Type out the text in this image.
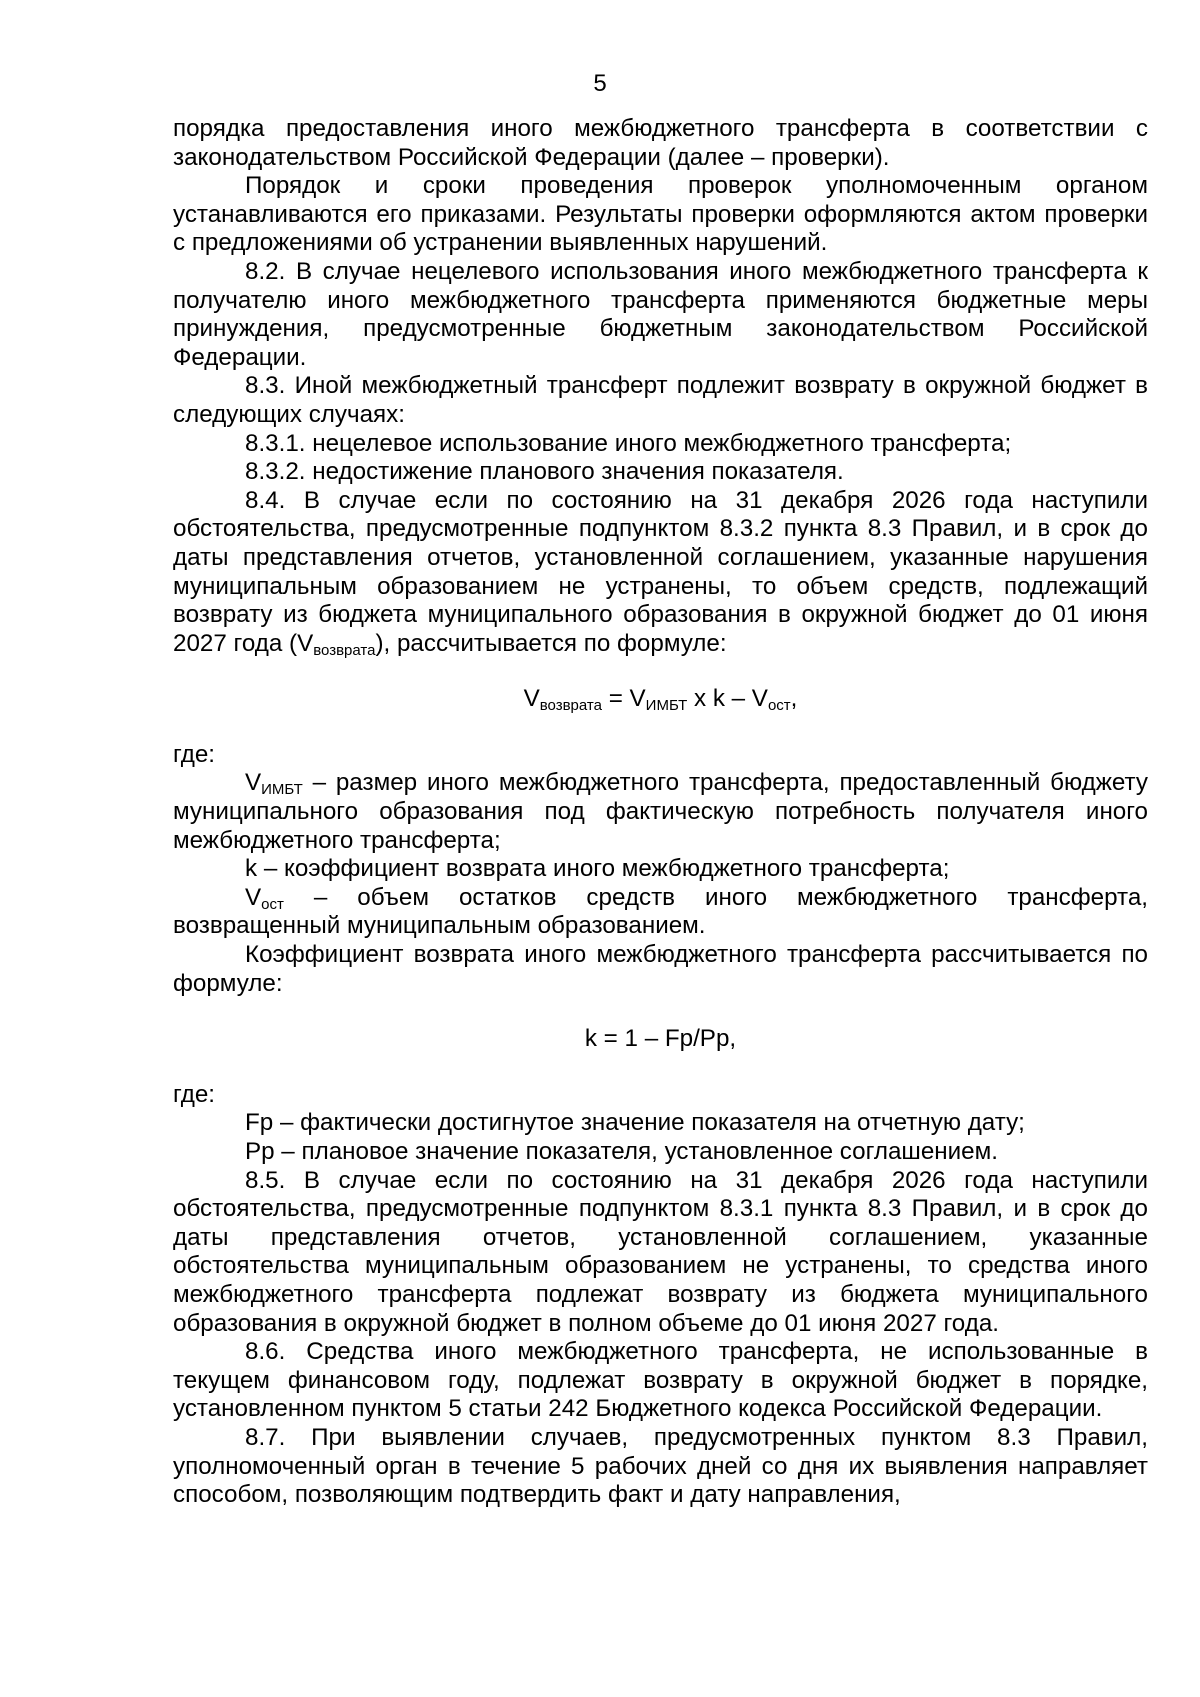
5

порядка предоставления иного межбюджетного трансферта в соответствии с законодательством Российской Федерации (далее – проверки).

Порядок и сроки проведения проверок уполномоченным органом устанавливаются его приказами. Результаты проверки оформляются актом проверки с предложениями об устранении выявленных нарушений.

8.2. В случае нецелевого использования иного межбюджетного трансферта к получателю иного межбюджетного трансферта применяются бюджетные меры принуждения, предусмотренные бюджетным законодательством Российской Федерации.

8.3. Иной межбюджетный трансферт подлежит возврату в окружной бюджет в следующих случаях:

8.3.1. нецелевое использование иного межбюджетного трансферта;

8.3.2. недостижение планового значения показателя.

8.4. В случае если по состоянию на 31 декабря 2026 года наступили обстоятельства, предусмотренные подпунктом 8.3.2 пункта 8.3 Правил, и в срок до даты представления отчетов, установленной соглашением, указанные нарушения муниципальным образованием не устранены, то объем средств, подлежащий возврату из бюджета муниципального образования в окружной бюджет до 01 июня 2027 года $(V_{возврата})$, рассчитывается по формуле:

$V_{возврата} = V_{ИМБТ}$ x k – $V_{ост}$,

где:

$V_{ИМБТ}$ – размер иного межбюджетного трансферта, предоставленный бюджету муниципального образования под фактическую потребность получателя иного межбюджетного трансферта;

k – коэффициент возврата иного межбюджетного трансферта;

$V_{ост}$ – объем остатков средств иного межбюджетного трансферта, возвращенный муниципальным образованием.

Коэффициент возврата иного межбюджетного трансферта рассчитывается по формуле:

k = 1 – Fp/Pp,

где:

Fp – фактически достигнутое значение показателя на отчетную дату;

Pp – плановое значение показателя, установленное соглашением.

8.5. В случае если по состоянию на 31 декабря 2026 года наступили обстоятельства, предусмотренные подпунктом 8.3.1 пункта 8.3 Правил, и в срок до даты представления отчетов, установленной соглашением, указанные обстоятельства муниципальным образованием не устранены, то средства иного межбюджетного трансферта подлежат возврату из бюджета муниципального образования в окружной бюджет в полном объеме до 01 июня 2027 года.

8.6. Средства иного межбюджетного трансферта, не использованные в текущем финансовом году, подлежат возврату в окружной бюджет в порядке, установленном пунктом 5 статьи 242 Бюджетного кодекса Российской Федерации.

8.7. При выявлении случаев, предусмотренных пунктом 8.3 Правил, уполномоченный орган в течение 5 рабочих дней со дня их выявления направляет способом, позволяющим подтвердить факт и дату направления,
